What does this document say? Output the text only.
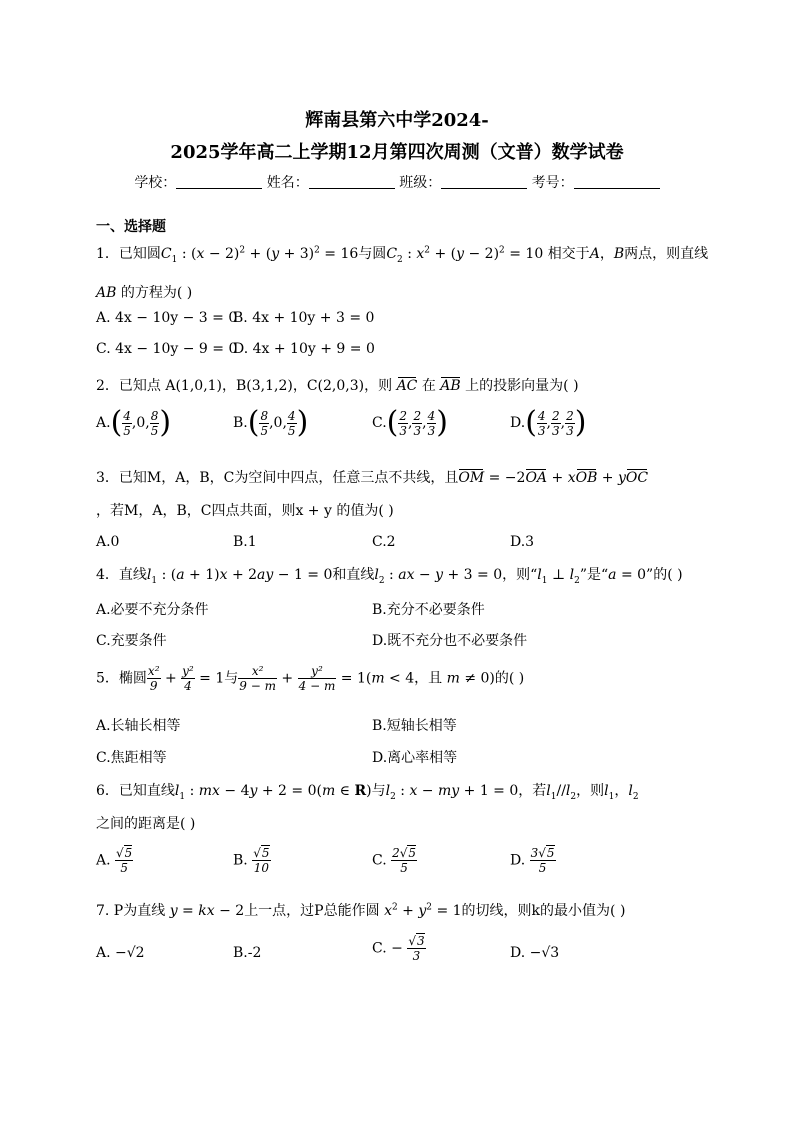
辉南县第六中学2024-
2025学年高二上学期12月第四次周测（文普）数学试卷
学校：	姓名：	班级：	考号：
一、选择题
1．已知圆$C_1$ : $(x - 2)^2 + (y + 3)^2 = 16$与圆$C_2$ : $x^2 + (y - 2)^2 = 10$ 相交于A，B两点，则直线
AB 的方程为( )
A. 4x − 10y − 3 = 0
B. 4x + 10y + 3 = 0
C. 4x − 10y − 9 = 0
D. 4x + 10y + 9 = 0
2．已知点 A(1,0,1)，B(3,1,2)，C(2,0,3)，则 AC 在 AB 上的投影向量为( )
$A.( \frac{4}{5} ,0$, $\frac{8}{5}$ )	$B.( \frac{8}{5} ,0$, $\frac{4}{5}$ )	$C.( \frac{2}{3}$ , $\frac{2}{3}$ , $\frac{4}{3}$ )	$D.( \frac{4}{3}$ , $\frac{2}{3}$ , $\frac{2}{3}$ )
3．已知M，A，B，C为空间中四点，任意三点不共线，且OM = −2OA + xOB + yOC
，若M，A，B，C四点共面，则x + y 的值为( )
A.0	B.1	C.2	D.3
4．直线$l_1$ : (a + 1)x + 2ay − 1 = 0和直线$l_2$ : ax − y + 3 = 0，则“$l_1$ ⊥ $l_2$”是“a = 0”的( )
A.必要不充分条件	B.充分不必要条件
C.充要条件	D.既不充分也不必要条件
5．椭圆 $\frac{\text{x²}}{9} + \frac{\text{y²}}{4} = 1$与 $\frac{\text{x²}}{9 - m} + \frac{\text{y²}}{4 - m} = 1(m < 4$，且 m ≠ 0)的( )
A.长轴长相等	B.短轴长相等
C.焦距相等	D.离心率相等
6．已知直线$l_1$ : mx − 4y + 2 = 0(m ∈ R)与$l_2$ : x − my + 1 = 0，若$l_1//l_2$，则$l_1$，$l_2$
之间的距离是( )
A. $\frac{√5}{5}$	B. $\frac{√5}{10}$	C. $\frac{2√5}{5}$	D. $\frac{3√5}{5}$
7. P为直线 y = kx − 2上一点，过P总能作圆 $x^2 + y^2 = 1$的切线，则k的最小值为( )
A. −√2	B.-2	C. − $\frac{√3}{3}$	D. −√3
